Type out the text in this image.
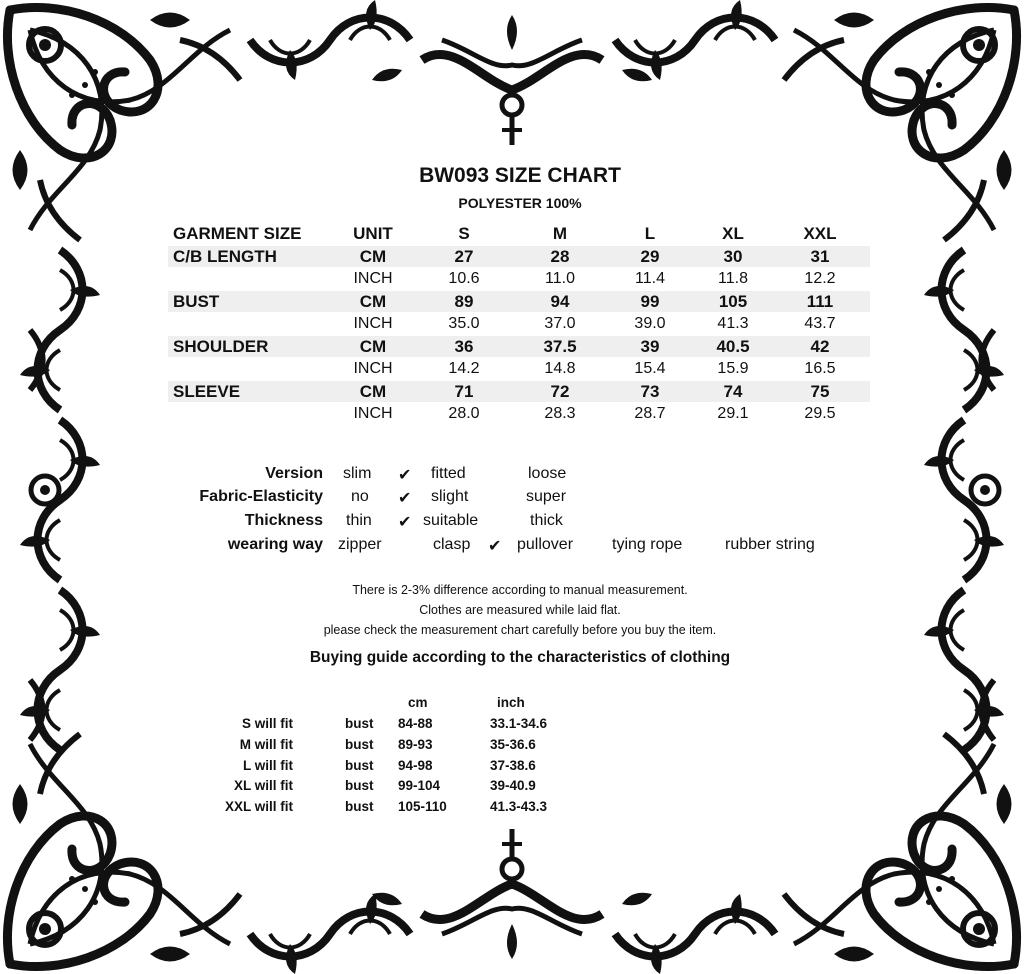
BW093 SIZE CHART
POLYESTER 100%
GARMENT SIZE	UNIT	S	M	L	XL	XXL
C/B LENGTH	CM	27	28	29	30	31
INCH	10.6	11.0	11.4	11.8	12.2
BUST	CM	89	94	99	105	111
INCH	35.0	37.0	39.0	41.3	43.7
SHOULDER	CM	36	37.5	39	40.5	42
INCH	14.2	14.8	15.4	15.9	16.5
SLEEVE	CM	71	72	73	74	75
INCH	28.0	28.3	28.7	29.1	29.5
Version slim ✔ fitted	loose
Fabric-Elasticity no ✔ slight	super
Thickness thin ✔ suitable	thick
wearing way zipper	clasp ✔ pullover tying rope	rubber string
There is 2-3% difference according to manual measurement.
Clothes are measured while laid flat.
please check the measurement chart carefully before you buy the item.
Buying guide according to the characteristics of clothing
cm	inch
S will fit	bust 84-88	33.1-34.6
M will fit	bust 89-93	35-36.6
L will fit	bust 94-98	37-38.6
XL will fit	bust 99-104	39-40.9
XXL will fit	bust 105-110	41.3-43.3
